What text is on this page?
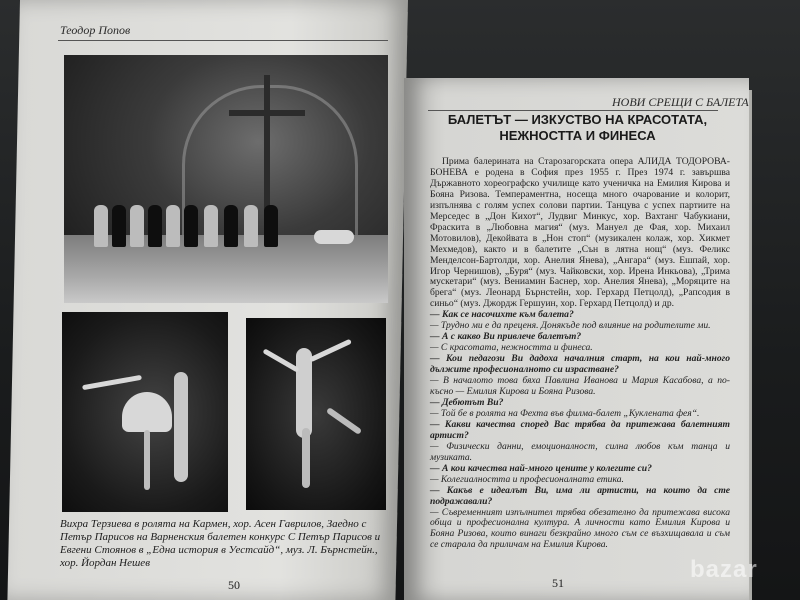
Теодор Попов
Вихра Терзиева в ролята на Кармен, хор. Асен Гаврилов, Заедно с Петър Парисов на Варненския балетен конкурс С Петър Парисов и Евгени Стоянов в „Една история в Уестсайд“, муз. Л. Бърнстейн., хор. Йордан Нешев
50
НОВИ СРЕЩИ С БАЛЕТА
БАЛЕТЪТ — ИЗКУСТВО НА КРАСОТАТА, НЕЖНОСТТА И ФИНЕСА

Прима балерината на Старозагорската опера АЛИДА ТОДОРОВА-БОНЕВА е родена в София през 1955 г. През 1974 г. завършва Държавното хореографско училище като ученичка на Емилия Кирова и Бояна Ризова. Темпераментна, носеща много очарование и колорит, изпълнява с голям успех солови партии. Танцува с успех партиите на Мерседес в „Дон Кихот“, Лудвиг Минкус, хор. Вахтанг Чабукиани, Фраскита в „Любовна магия“ (муз. Мануел де Фая, хор. Михаил Мотовилов), Декойвата в „Нон стоп“ (музикален колаж, хор. Хикмет Мехмедов), както и в балетите „Сън в лятна нощ“ (муз. Феликс Менделсон-Бартолди, хор. Анелия Янева), „Ангара“ (муз. Ешпай, хор. Игор Чернишов), „Буря“ (муз. Чайковски, хор. Ирена Инкьова), „Трима мускетари“ (муз. Вениамин Баснер, хор. Анелия Янева), „Моряците на брега“ (муз. Леонард Бърнстейн, хор. Герхард Петцолд), „Рапсодия в синьо“ (муз. Джордж Гершуин, хор. Герхард Петцолд) и др.

— Как се насочихте към балета?

— Трудно ми е да преценя. Донякъде под влияние на родителите ми.

— А с какво Ви привлече балетът?

— С красотата, нежността и финеса.

— Кои педагози Ви дадоха началния старт, на кои най-много дължите професионалното си израстване?

— В началото това бяха Павлина Иванова и Мария Касабова, а по-късно — Емилия Кирова и Бояна Ризова.

— Дебютът Ви?

— Той бе в ролята на Фехта във филма-балет „Куклената фея“.

— Какви качества според Вас трябва да притежава балетният артист?

— Физически данни, емоционалност, силна любов към танца и музиката.

— А кои качества най-много цените у колегите си?

— Колегиалността и професионалната етика.

— Какъв е идеалът Ви, има ли артисти, на които да сте подражавали?

— Съвременният изпълнител трябва обезателно да притежава висока обща и професионална култура. А личности като Емилия Кирова и Бояна Ризова, които винаги безкрайно много съм се възхищавала и съм се старала да приличам на Емилия Кирова.

51	bazar
